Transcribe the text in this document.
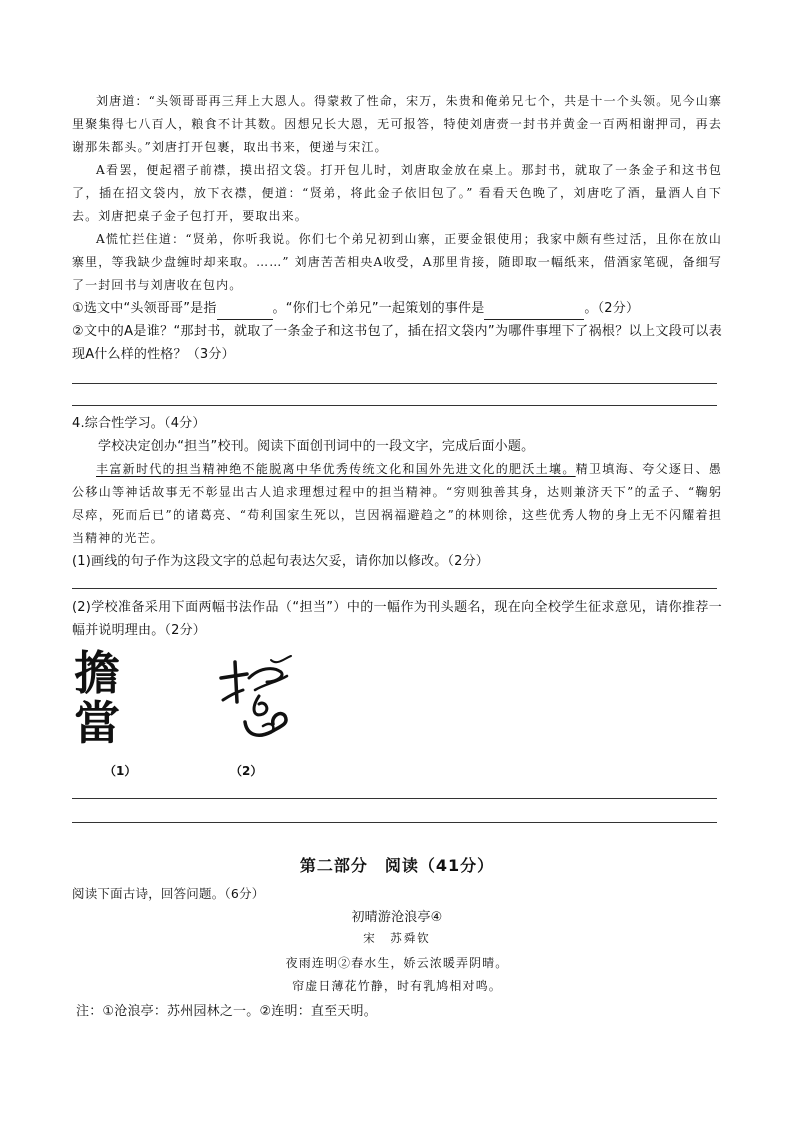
刘唐道：“头领哥哥再三拜上大恩人。得蒙救了性命，宋万，朱贵和俺弟兄七个，共是十一个头领。见今山寨里聚集得七八百人，粮食不计其数。因想兄长大恩，无可报答，特使刘唐赍一封书并黄金一百两相谢押司，再去谢那朱都头。”刘唐打开包裹，取出书来，便递与宋江。

A看罢，便起褶子前襟，摸出招文袋。打开包儿时，刘唐取金放在桌上。那封书，就取了一条金子和这书包了，插在招文袋内，放下衣襟，便道：“贤弟，将此金子依旧包了。” 看看天色晚了，刘唐吃了酒，量酒人自下去。刘唐把桌子金子包打开，要取出来。

A慌忙拦住道：“贤弟，你听我说。你们七个弟兄初到山寨，正要金银使用；我家中颇有些过活，且你在放山寨里，等我缺少盘缠时却来取。……” 刘唐苦苦相央A收受，A那里肯接，随即取一幅纸来，借酒家笔砚，备细写了一封回书与刘唐收在包内。

①选文中“头领哥哥”是指	。“你们七个弟兄”一起策划的事件是	。（2分）

②文中的A是谁？“那封书，就取了一条金子和这书包了，插在招文袋内”为哪件事埋下了祸根？以上文段可以表现A什么样的性格？（3分）

4.综合性学习。（4分）

学校决定创办“担当”校刊。阅读下面创刊词中的一段文字，完成后面小题。

丰富新时代的担当精神绝不能脱离中华优秀传统文化和国外先进文化的肥沃土壤。精卫填海、夸父逐日、愚公移山等神话故事无不彰显出古人追求理想过程中的担当精神。“穷则独善其身，达则兼济天下”的孟子、“鞠躬尽瘁，死而后已”的诸葛亮、“苟利国家生死以，岂因祸福避趋之”的林则徐，这些优秀人物的身上无不闪耀着担当精神的光芒。

(1)画线的句子作为这段文字的总起句表达欠妥，请你加以修改。（2分）

(2)学校准备采用下面两幅书法作品（“担当”）中的一幅作为刊头题名，现在向全校学生征求意见，请你推荐一幅并说明理由。（2分）

擔
當
（1）	（2）
第二部分　阅读（41分）

阅读下面古诗，回答问题。（6分）

初晴游沧浪亭④
宋　苏舜钦
夜雨连明②春水生，娇云浓暖弄阴晴。
帘虚日薄花竹静，时有乳鸠相对鸣。

注：①沧浪亭：苏州园林之一。②连明：直至天明。
